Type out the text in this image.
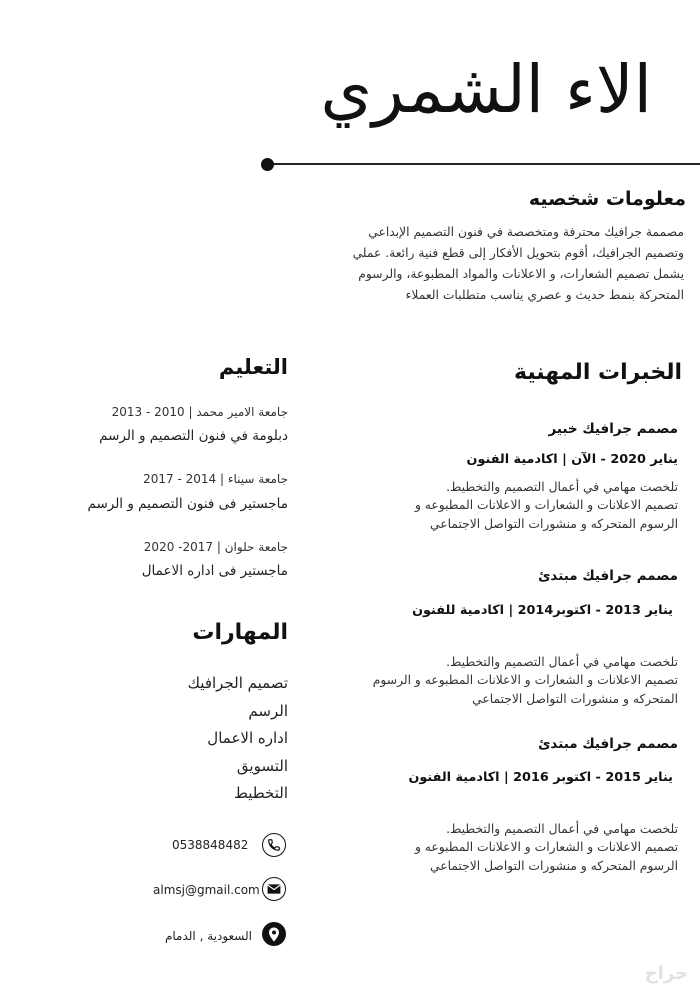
الاء الشمري
معلومات شخصيه
مصممة جرافيك محترفة ومتخصصة في فنون التصميم الإبداعي
وتصميم الجرافيك، أقوم بتحويل الأفكار إلى قطع فنية رائعة. عملي
يشمل تصميم الشعارات، و الاعلانات والمواد المطبوعة، والرسوم
المتحركة بنمط حديث و عصري يناسب متطلبات العملاء
الخبرات المهنية
مصمم جرافيك خبير
يناير 2020 - الآن | اكادمية الفنون
تلخصت مهامي في أعمال التصميم والتخطيط.
تصميم الاعلانات و الشعارات و الاعلانات المطبوعه و
الرسوم المتحركه و منشورات التواصل الاجتماعي
مصمم جرافيك مبتدئ
يناير 2013 - اكتوبر2014 | اكادمية للفنون
تلخصت مهامي في أعمال التصميم والتخطيط.
تصميم الاعلانات و الشعارات و الاعلانات المطبوعه و الرسوم
المتحركه و منشورات التواصل الاجتماعي
مصمم جرافيك مبتدئ
يناير 2015 - اكتوبر 2016 | اكادمية الفنون
تلخصت مهامي في أعمال التصميم والتخطيط.
تصميم الاعلانات و الشعارات و الاعلانات المطبوعه و
الرسوم المتحركه و منشورات التواصل الاجتماعي
التعليم
جامعة الامير محمد | 2010 - 2013
دبلومة في فنون التصميم و الرسم
جامعة سيناء | 2014 - 2017
ماجستير فى فنون التصميم و الرسم
جامعة حلوان | 2017- 2020
ماجستير فى اداره الاعمال
المهارات
تصميم الجرافيك
الرسم
اداره الاعمال
التسويق
التخطيط
0538848482
almsj@gmail.com
السعودية , الدمام
حراج
